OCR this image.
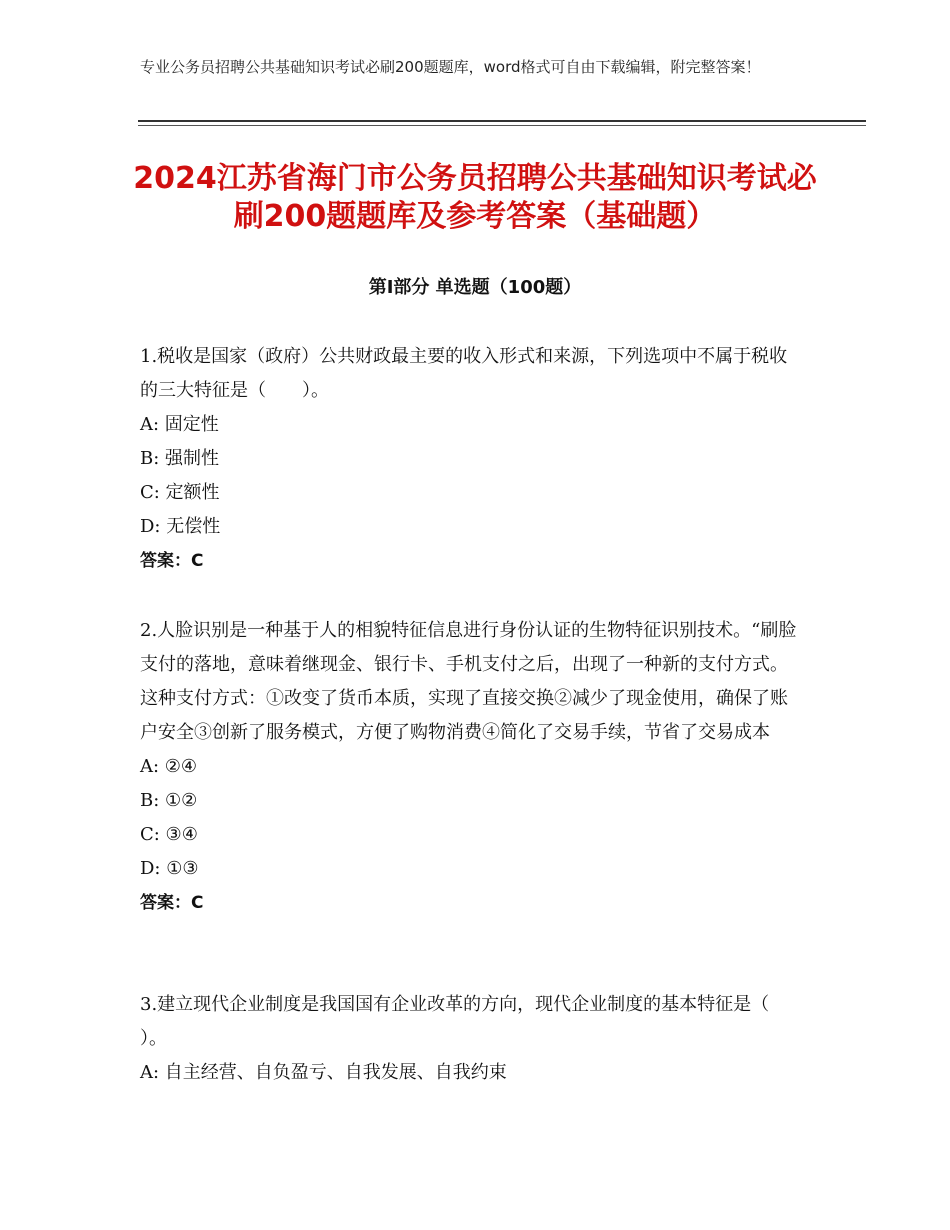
专业公务员招聘公共基础知识考试必刷200题题库，word格式可自由下载编辑，附完整答案！
2024江苏省海门市公务员招聘公共基础知识考试必刷200题题库及参考答案（基础题）
第Ⅰ部分 单选题（100题）

1.税收是国家（政府）公共财政最主要的收入形式和来源，下列选项中不属于税收的三大特征是（　　）。

A: 固定性

B: 强制性

C: 定额性

D: 无偿性

答案：C

2.人脸识别是一种基于人的相貌特征信息进行身份认证的生物特征识别技术。“刷脸支付的落地，意味着继现金、银行卡、手机支付之后，出现了一种新的支付方式。这种支付方式：①改变了货币本质，实现了直接交换②减少了现金使用，确保了账户安全③创新了服务模式，方便了购物消费④简化了交易手续，节省了交易成本

A: ②④

B: ①②

C: ③④

D: ①③

答案：C

3.建立现代企业制度是我国国有企业改革的方向，现代企业制度的基本特征是（ ）。

A: 自主经营、自负盈亏、自我发展、自我约束
